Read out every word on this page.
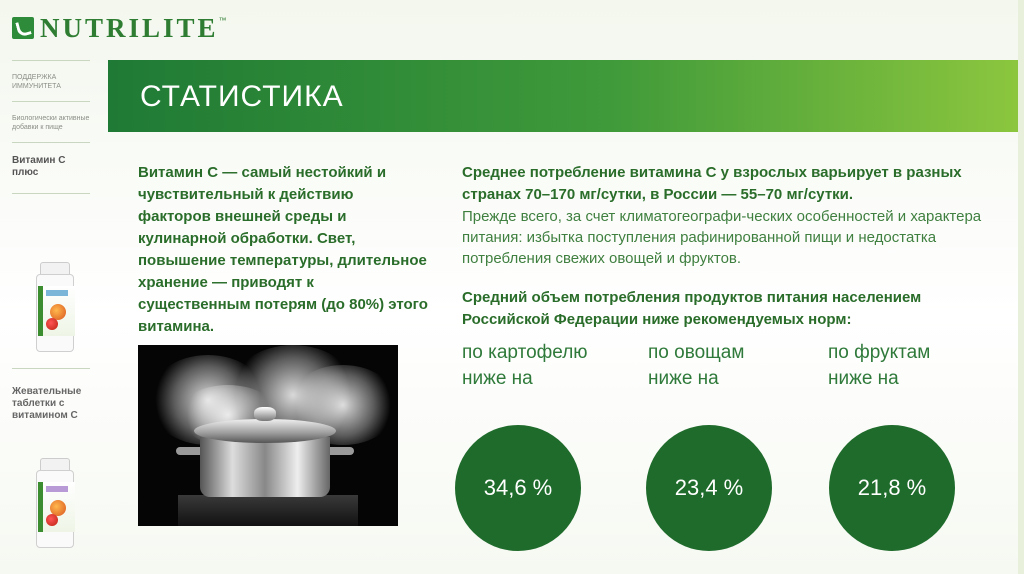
NUTRILITE ™
ПОДДЕРЖКА ИММУНИТЕТА
Биологически активные добавки к пище
Витамин С плюс
Жевательные таблетки с витамином С
СТАТИСТИКА
Витамин С — самый нестойкий и чувствительный к действию факторов внешней среды и кулинарной обработки. Свет, повышение температуры, длительное хранение — приводят к существенным потерям (до 80%) этого витамина.

Среднее потребление витамина С у взрослых варьирует в разных странах 70–170 мг/сутки, в России — 55–70 мг/сутки.

Прежде всего, за счет климатогеографи-ческих особенностей и характера питания: избытка поступления рафинированной пищи и недостатка потребления свежих овощей и фруктов.

Средний объем потребления продуктов питания населением Российской Федерации ниже рекомендуемых норм:

по картофелю
ниже на
по овощам
ниже на
по фруктам
ниже на
34,6 %	23,4 %	21,8 %
